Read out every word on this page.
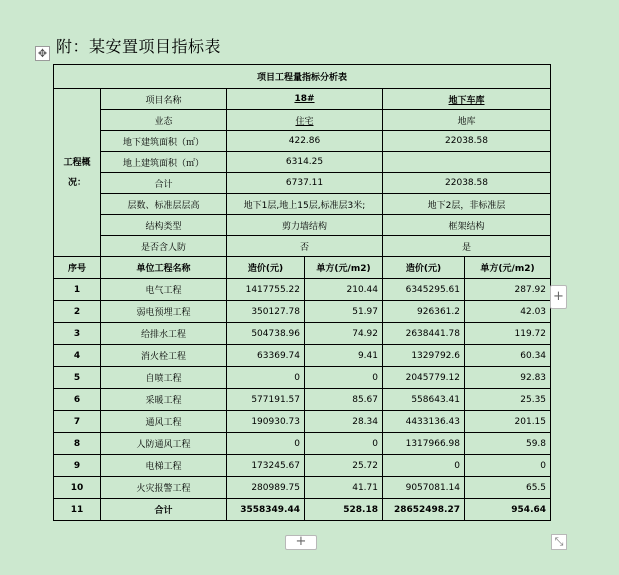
附：某安置项目指标表
✥
项目工程量指标分析表					
工程概
况：	项目名称	18#		地下车库	
	业态	住宅		地库	
	地下建筑面积（㎡）	422.86		22038.58	
	地上建筑面积（㎡）	6314.25			
	合计	6737.11		22038.58	
	层数、标准层层高	地下1层,地上15层,标准层3米;		地下2层，非标准层	
	结构类型	剪力墙结构		框架结构	
	是否含人防	否		是	
序号	单位工程名称	造价(元)	单方(元/m2)	造价(元)	单方(元/m2)
1	电气工程	1417755.22	210.44	6345295.61	287.92
2	弱电预埋工程	350127.78	51.97	926361.2	42.03
3	给排水工程	504738.96	74.92	2638441.78	119.72
4	消火栓工程	63369.74	9.41	1329792.6	60.34
5	自喷工程	0	0	2045779.12	92.83
6	采暖工程	577191.57	85.67	558643.41	25.35
7	通风工程	190930.73	28.34	4433136.43	201.15
8	人防通风工程	0	0	1317966.98	59.8
9	电梯工程	173245.67	25.72	0	0
10	火灾报警工程	280989.75	41.71	9057081.14	65.5
11	合计	3558349.44	528.18	28652498.27	954.64
+
+	⤡
